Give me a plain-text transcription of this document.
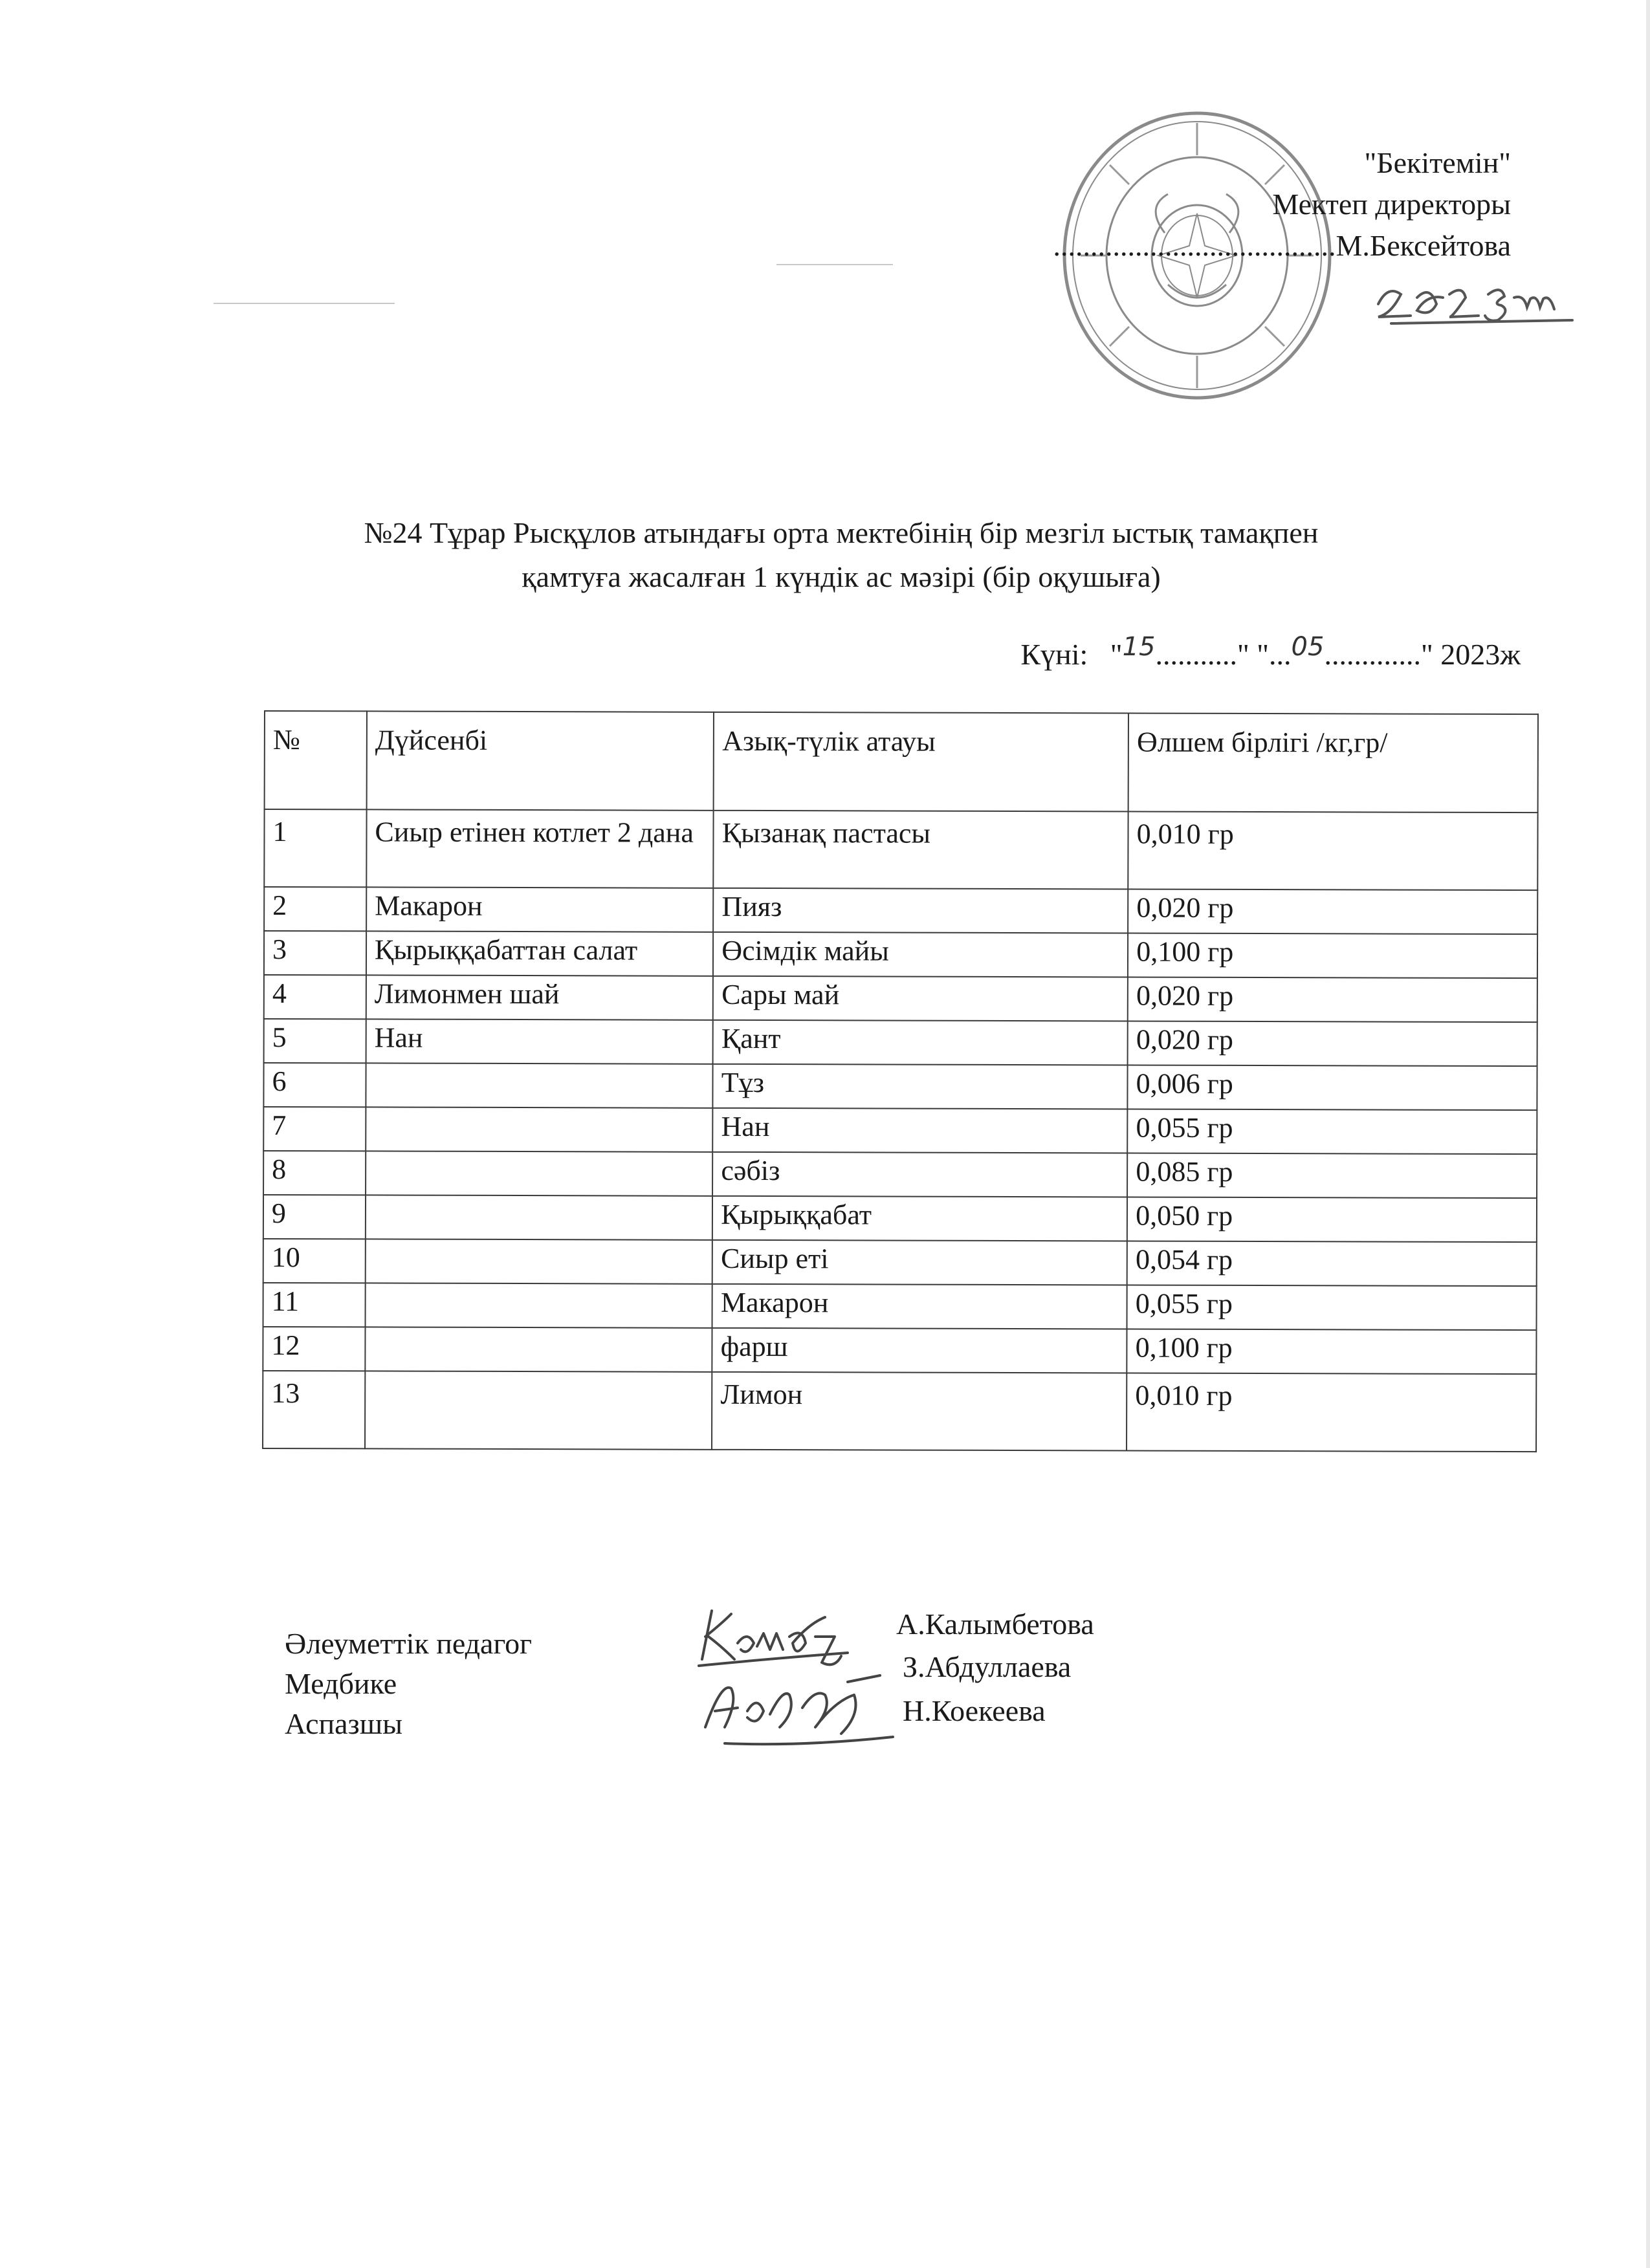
"Бекітемін"
Мектеп директоры
......................................М.Бексейтова
№24 Тұрар Рысқұлов атындағы орта мектебінің бір мезгіл ыстық тамақпен
қамтуға жасалған 1 күндік ас мәзірі (бір оқушыға)
Күні: "15..........." "...05............." 2023ж
№	Дүйсенбі	Азық-түлік атауы	Өлшем бірлігі /кг,гр/
1	Сиыр етінен котлет 2 дана	Қызанақ пастасы	0,010 гр
2	Макарон	Пияз	0,020 гр
3	Қырыққабаттан салат	Өсімдік майы	0,100 гр
4	Лимонмен шай	Сары май	0,020 гр
5	Нан	Қант	0,020 гр
6		Тұз	0,006 гр
7		Нан	0,055 гр
8		сәбіз	0,085 гр
9		Қырыққабат	0,050 гр
10		Сиыр еті	0,054 гр
11		Макарон	0,055 гр
12		фарш	0,100 гр
13		Лимон	0,010 гр
Әлеуметтік педагог
А.Калымбетова
Медбике
З.Абдуллаева
Аспазшы	Н.Коекеева
